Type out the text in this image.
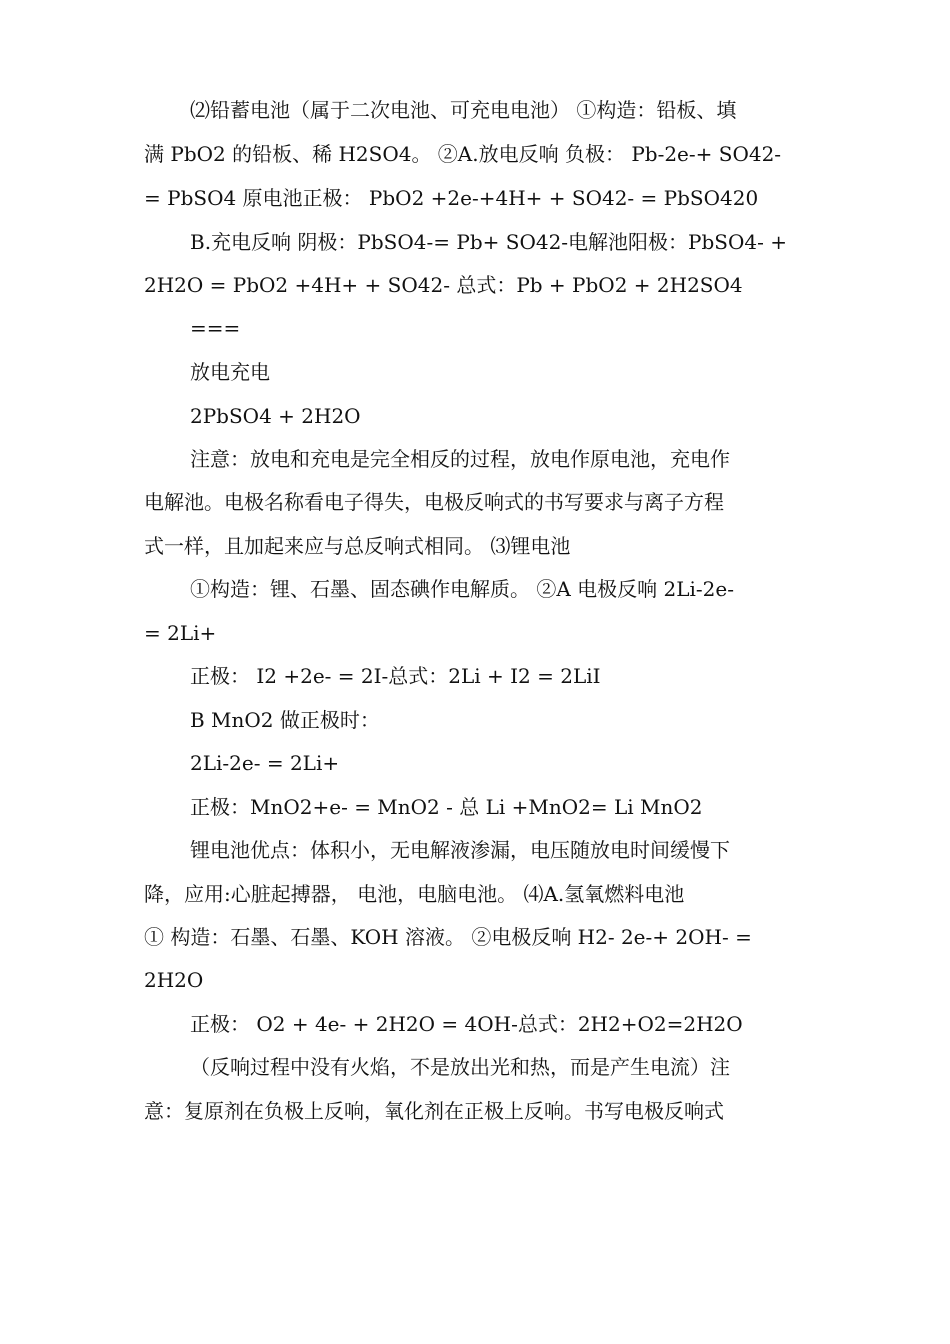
⑵铅蓄电池（属于二次电池、可充电电池） ①构造：铅板、填
满 PbO2 的铅板、稀 H2SO4。 ②A.放电反响 负极： Pb-2e-+ SO42-
= PbSO4 原电池正极： PbO2 +2e-+4H+ + SO42- = PbSO420
B.充电反响 阴极：PbSO4-= Pb+ SO42-电解池阳极：PbSO4- +
2H2O = PbO2 +4H+ + SO42- 总式：Pb + PbO2 + 2H2SO4
===
放电充电
2PbSO4 + 2H2O
注意：放电和充电是完全相反的过程，放电作原电池，充电作
电解池。电极名称看电子得失，电极反响式的书写要求与离子方程
式一样，且加起来应与总反响式相同。 ⑶锂电池
①构造：锂、石墨、固态碘作电解质。 ②A 电极反响 2Li-2e-
= 2Li+
正极： I2 +2e- = 2I-总式：2Li + I2 = 2LiI
B MnO2 做正极时：
2Li-2e- = 2Li+
正极：MnO2+e- = MnO2 - 总 Li +MnO2= Li MnO2
锂电池优点：体积小，无电解液渗漏，电压随放电时间缓慢下
降，应用:心脏起搏器， 电池，电脑电池。 ⑷A.氢氧燃料电池
① 构造：石墨、石墨、KOH 溶液。 ②电极反响 H2- 2e-+ 2OH- =
2H2O
正极： O2 + 4e- + 2H2O = 4OH-总式：2H2+O2=2H2O
（反响过程中没有火焰，不是放出光和热，而是产生电流）注
意：复原剂在负极上反响，氧化剂在正极上反响。书写电极反响式
